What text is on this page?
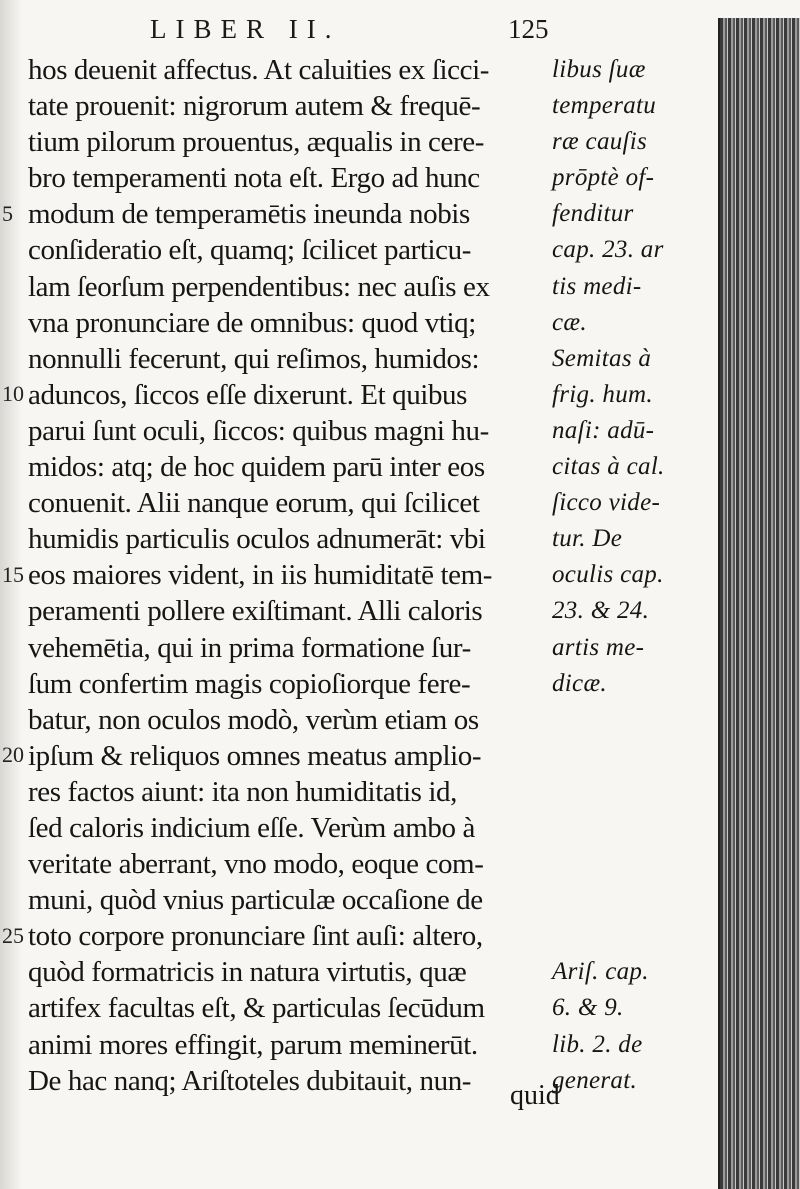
LIBER II.	125
hos deuenit affectus. At caluities ex ſicci-
tate prouenit: nigrorum autem & frequē-
tium pilorum prouentus, æqualis in cere-
bro temperamenti nota eſt. Ergo ad hunc
modum de temperamētis ineunda nobis
conſideratio eſt, quamq; ſcilicet particu-
lam ſeorſum perpendentibus: nec auſis ex
vna pronunciare de omnibus: quod vtiq;
nonnulli fecerunt, qui reſimos, humidos:
aduncos, ſiccos eſſe dixerunt. Et quibus
parui ſunt oculi, ſiccos: quibus magni hu-
midos: atq; de hoc quidem parū inter eos
conuenit. Alii nanque eorum, qui ſcilicet
humidis particulis oculos adnumerāt: vbi
eos maiores vident, in iis humiditatē tem-
peramenti pollere exiſtimant. Alli caloris
vehemētia, qui in prima formatione ſur-
ſum confertim magis copioſiorque fere-
batur, non oculos modò, verùm etiam os
ipſum & reliquos omnes meatus amplio-
res factos aiunt: ita non humiditatis id,
ſed caloris indicium eſſe. Verùm ambo à
veritate aberrant, vno modo, eoque com-
muni, quòd vnius particulæ occaſione de
toto corpore pronunciare ſint auſi: altero,
quòd formatricis in natura virtutis, quæ
artifex facultas eſt, & particulas ſecūdum
animi mores effingit, parum meminerūt.
De hac nanq; Ariſtoteles dubitauit, nun-
5
10
15
20
25
libus ſuæ
temperatu
ræ cauſis
prōptè of-
fenditur
cap. 23. ar
tis medi-
cæ.
Semitas à
frig. hum.
naſi: adū-
citas à cal.
ſicco vide-
tur. De
oculis cap.
23. & 24.
artis me-
dicæ.
Ariſ. cap.
6. & 9.
lib. 2. de
generat.
quid
